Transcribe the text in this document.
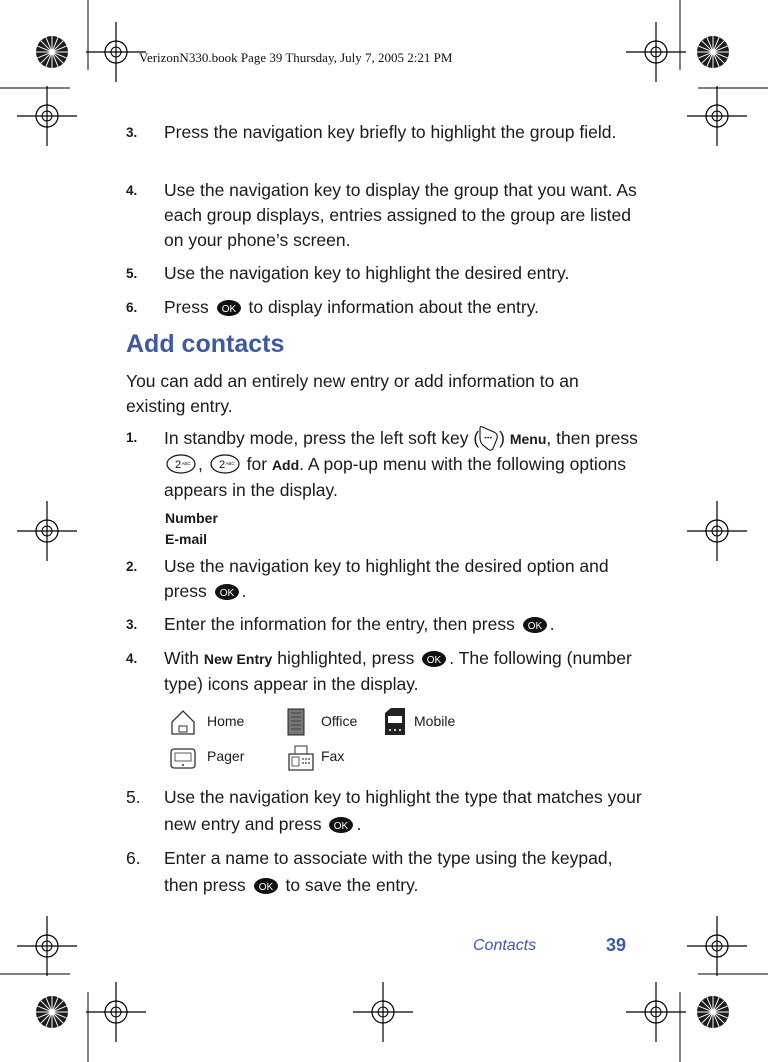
VerizonN330.book Page 39 Thursday, July 7, 2005 2:21 PM
3. Press the navigation key briefly to highlight the group field.
4. Use the navigation key to display the group that you want. As each group displays, entries assigned to the group are listed on your phone’s screen.
5. Use the navigation key to highlight the desired entry.
6. Press to display information about the entry.
Add contacts
You can add an entirely new entry or add information to an existing entry.
1. In standby mode, press the left soft key ( ) Menu, then press ,	for Add. A pop-up menu with the following options appears in the display.
Number
E-mail
2. Use the navigation key to highlight the desired option and press .
3. Enter the information for the entry, then press .
4. With New Entry highlighted, press . The following (number type) icons appear in the display.
Home	Office	Mobile
Pager	Fax
5. Use the navigation key to highlight the type that matches your new entry and press .
6. Enter a name to associate with the type using the keypad, then press to save the entry.
Contacts	39
